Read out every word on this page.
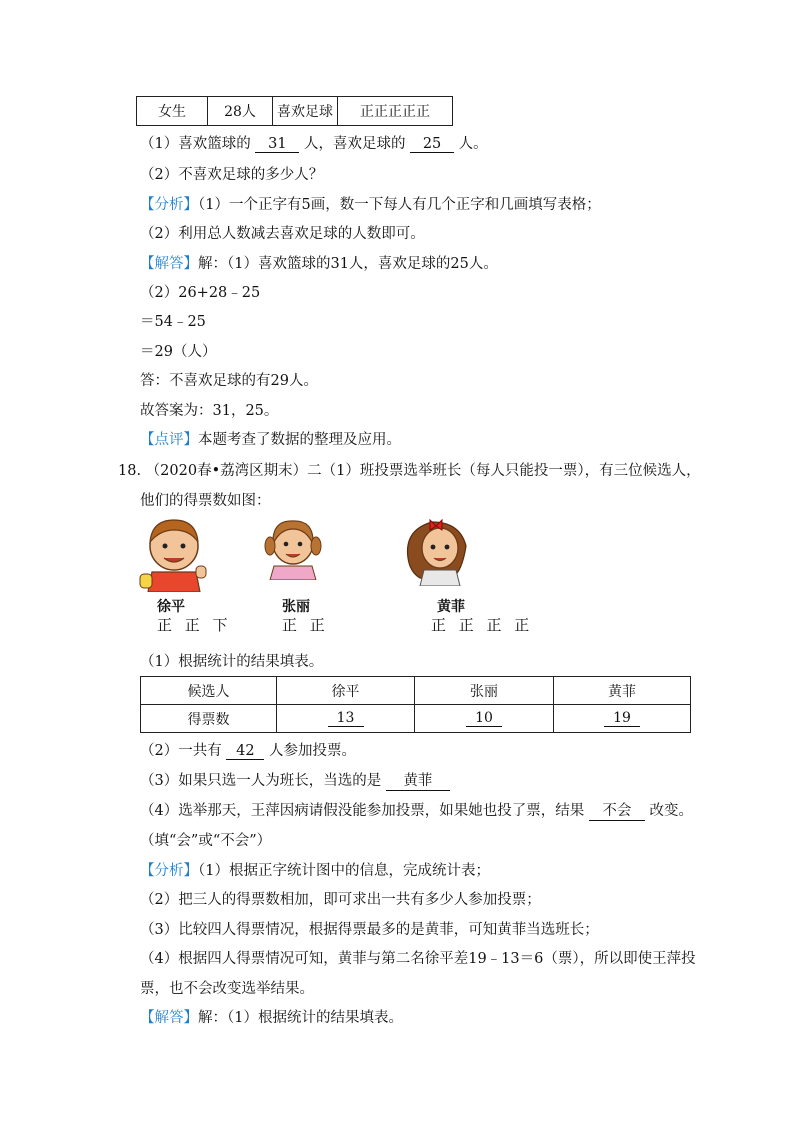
女生	28人	喜欢足球	正正正正正
（1）喜欢篮球的 31 人，喜欢足球的 25 人。
（2）不喜欢足球的多少人？
【分析】（1）一个正字有5画，数一下每人有几个正字和几画填写表格；
（2）利用总人数减去喜欢足球的人数即可。
【解答】解：（1）喜欢篮球的31人，喜欢足球的25人。
（2）26+28﹣25
＝54﹣25
＝29（人）
答：不喜欢足球的有29人。
故答案为：31，25。
【点评】本题考查了数据的整理及应用。
18. （2020春•荔湾区期末）二（1）班投票选举班长（每人只能投一票），有三位候选人，
他们的得票数如图：
徐平
正 正 下
张丽
正 正
黄菲
正 正 正 正
（1）根据统计的结果填表。
候选人	徐平	张丽	黄菲
得票数	13	10	19
（2）一共有 42 人参加投票。
（3）如果只选一人为班长，当选的是 黄菲
（4）选举那天，王萍因病请假没能参加投票，如果她也投了票，结果 不会 改变。
（填“会”或“不会”）
【分析】（1）根据正字统计图中的信息，完成统计表；
（2）把三人的得票数相加，即可求出一共有多少人参加投票；
（3）比较四人得票情况，根据得票最多的是黄菲，可知黄菲当选班长；
（4）根据四人得票情况可知，黄菲与第二名徐平差19﹣13＝6（票），所以即使王萍投
票，也不会改变选举结果。
【解答】解：（1）根据统计的结果填表。
